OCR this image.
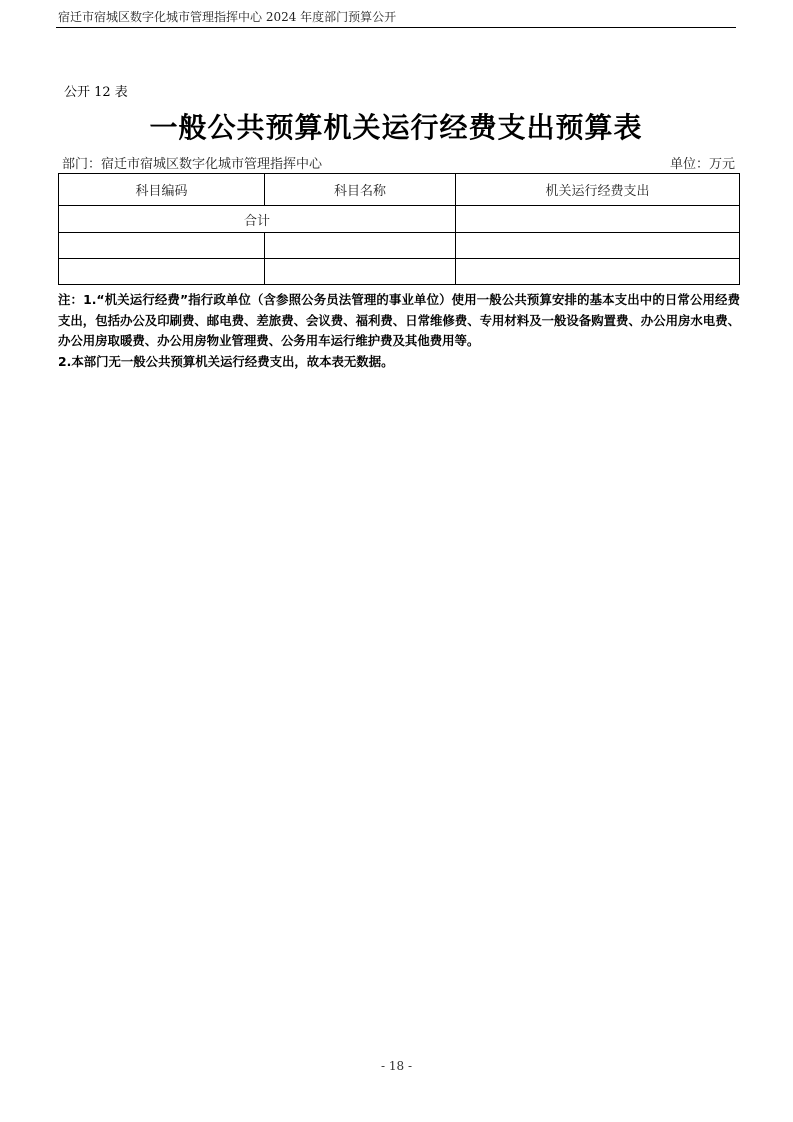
宿迁市宿城区数字化城市管理指挥中心 2024 年度部门预算公开
公开 12 表
一般公共预算机关运行经费支出预算表
部门：宿迁市宿城区数字化城市管理指挥中心	单位：万元
科目编码	科目名称	机关运行经费支出
合计		

注：1.“机关运行经费”指行政单位（含参照公务员法管理的事业单位）使用一般公共预算安排的基本支出中的日常公用经费支出，包括办公及印刷费、邮电费、差旅费、会议费、福利费、日常维修费、专用材料及一般设备购置费、办公用房水电费、办公用房取暖费、办公用房物业管理费、公务用车运行维护费及其他费用等。

2.本部门无一般公共预算机关运行经费支出，故本表无数据。

- 18 -
